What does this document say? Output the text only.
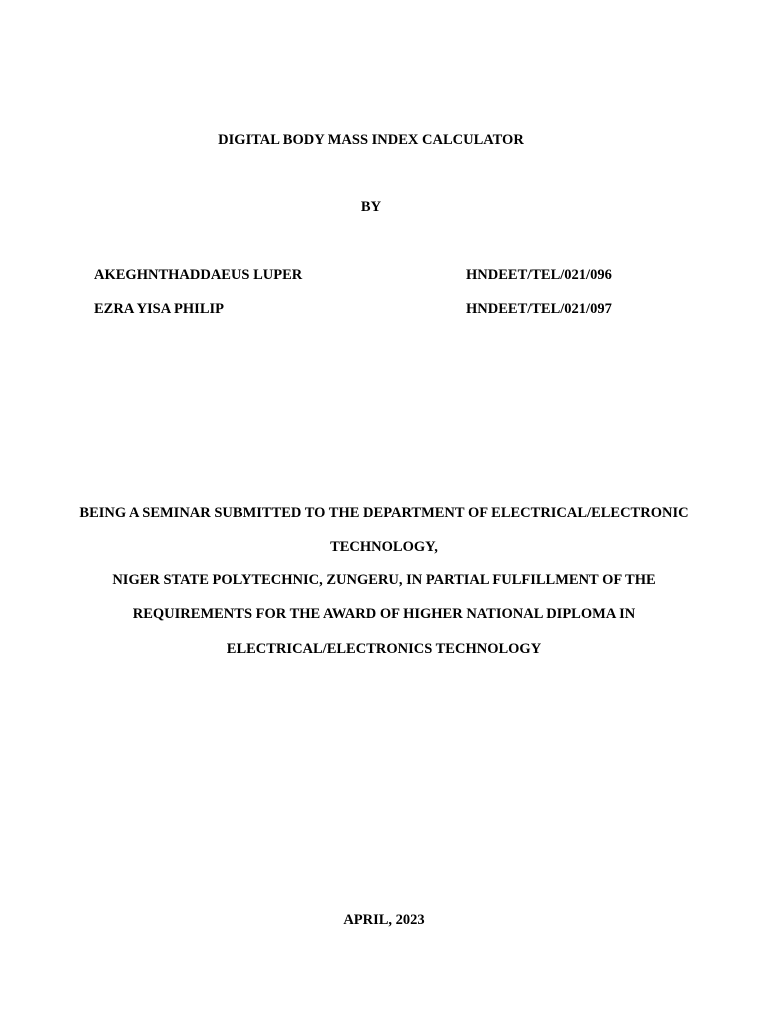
DIGITAL BODY MASS INDEX CALCULATOR
BY
AKEGHNTHADDAEUS LUPER	HNDEET/TEL/021/096
EZRA YISA PHILIP	HNDEET/TEL/021/097
BEING A SEMINAR SUBMITTED TO THE DEPARTMENT OF ELECTRICAL/ELECTRONIC
TECHNOLOGY,
NIGER STATE POLYTECHNIC, ZUNGERU, IN PARTIAL FULFILLMENT OF THE
REQUIREMENTS FOR THE AWARD OF HIGHER NATIONAL DIPLOMA IN
ELECTRICAL/ELECTRONICS TECHNOLOGY
APRIL, 2023
